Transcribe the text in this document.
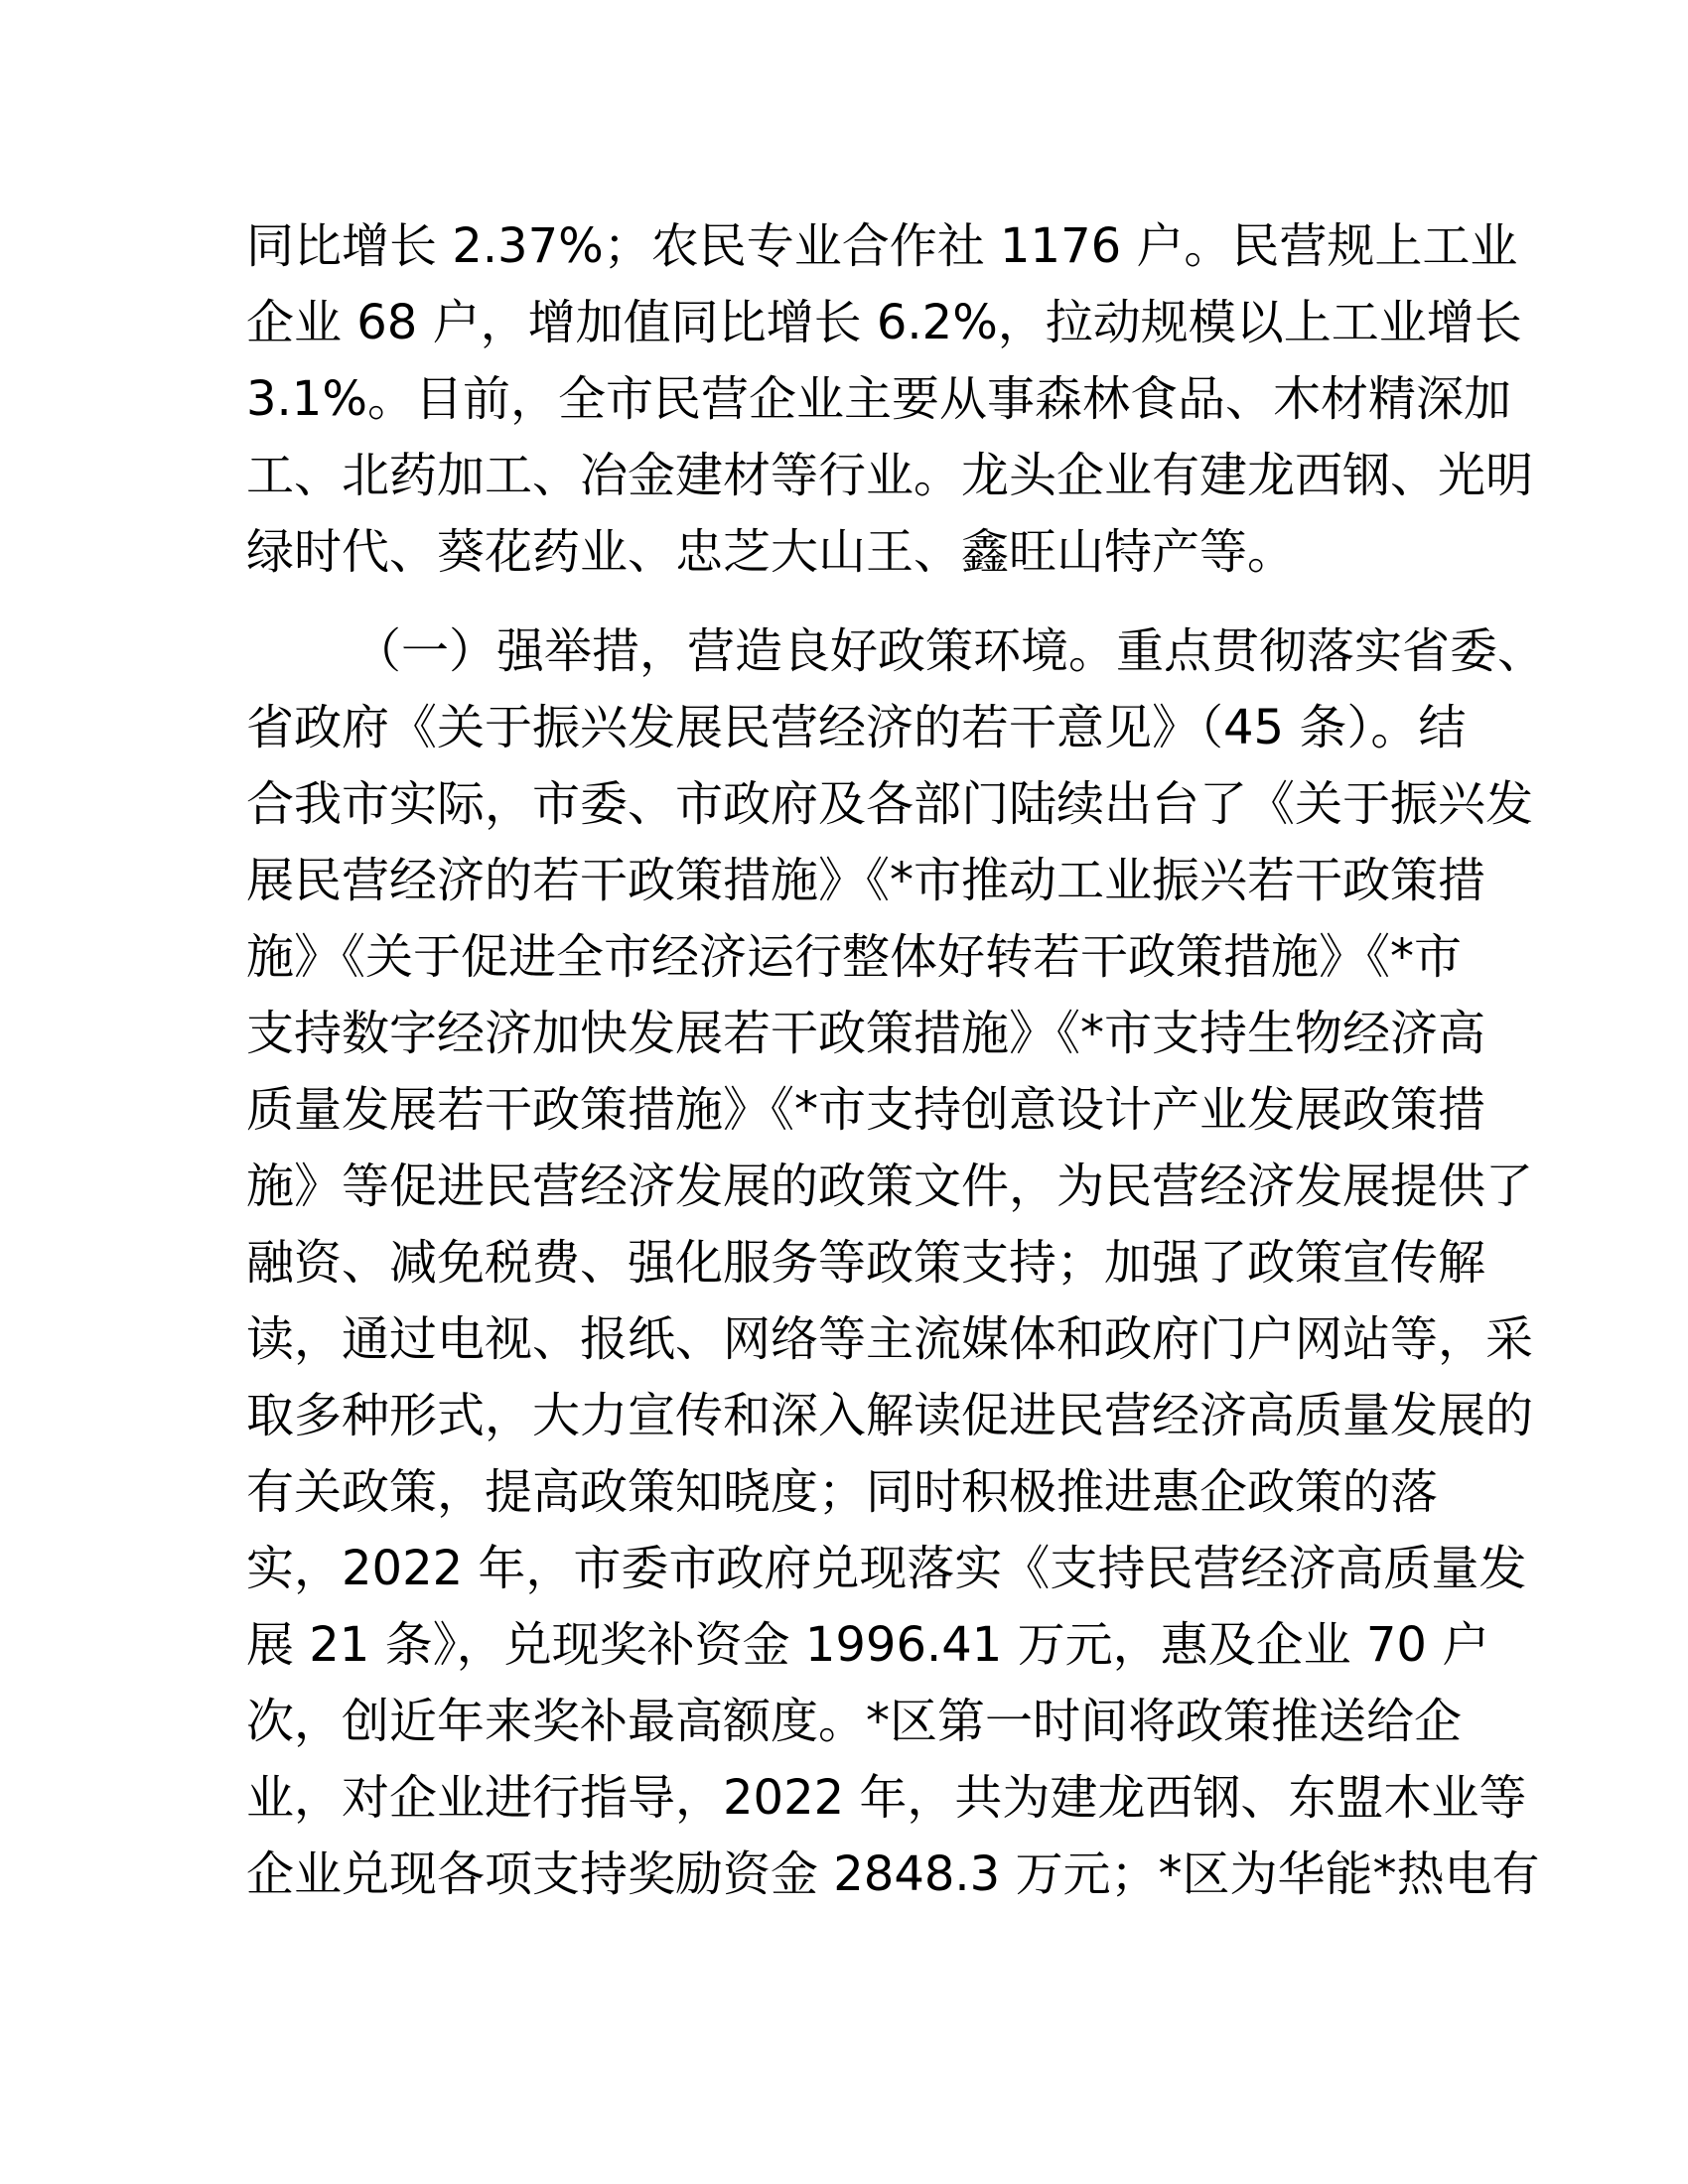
同比增长 2.37%；农民专业合作社 1176 户。民营规上工业
企业 68 户，增加值同比增长 6.2%，拉动规模以上工业增长
3.1%。目前，全市民营企业主要从事森林食品、木材精深加
工、北药加工、冶金建材等行业。龙头企业有建龙西钢、光明
绿时代、葵花药业、忠芝大山王、鑫旺山特产等。
（一）强举措，营造良好政策环境。重点贯彻落实省委、
省政府《关于振兴发展民营经济的若干意见》（45 条）。结
合我市实际，市委、市政府及各部门陆续出台了《关于振兴发
展民营经济的若干政策措施》《*市推动工业振兴若干政策措
施》《关于促进全市经济运行整体好转若干政策措施》《*市
支持数字经济加快发展若干政策措施》《*市支持生物经济高
质量发展若干政策措施》《*市支持创意设计产业发展政策措
施》等促进民营经济发展的政策文件，为民营经济发展提供了
融资、减免税费、强化服务等政策支持；加强了政策宣传解
读，通过电视、报纸、网络等主流媒体和政府门户网站等，采
取多种形式，大力宣传和深入解读促进民营经济高质量发展的
有关政策，提高政策知晓度；同时积极推进惠企政策的落
实，2022 年，市委市政府兑现落实《支持民营经济高质量发
展 21 条》，兑现奖补资金 1996.41 万元，惠及企业 70 户
次，创近年来奖补最高额度。*区第一时间将政策推送给企
业，对企业进行指导，2022 年，共为建龙西钢、东盟木业等
企业兑现各项支持奖励资金 2848.3 万元；*区为华能*热电有
